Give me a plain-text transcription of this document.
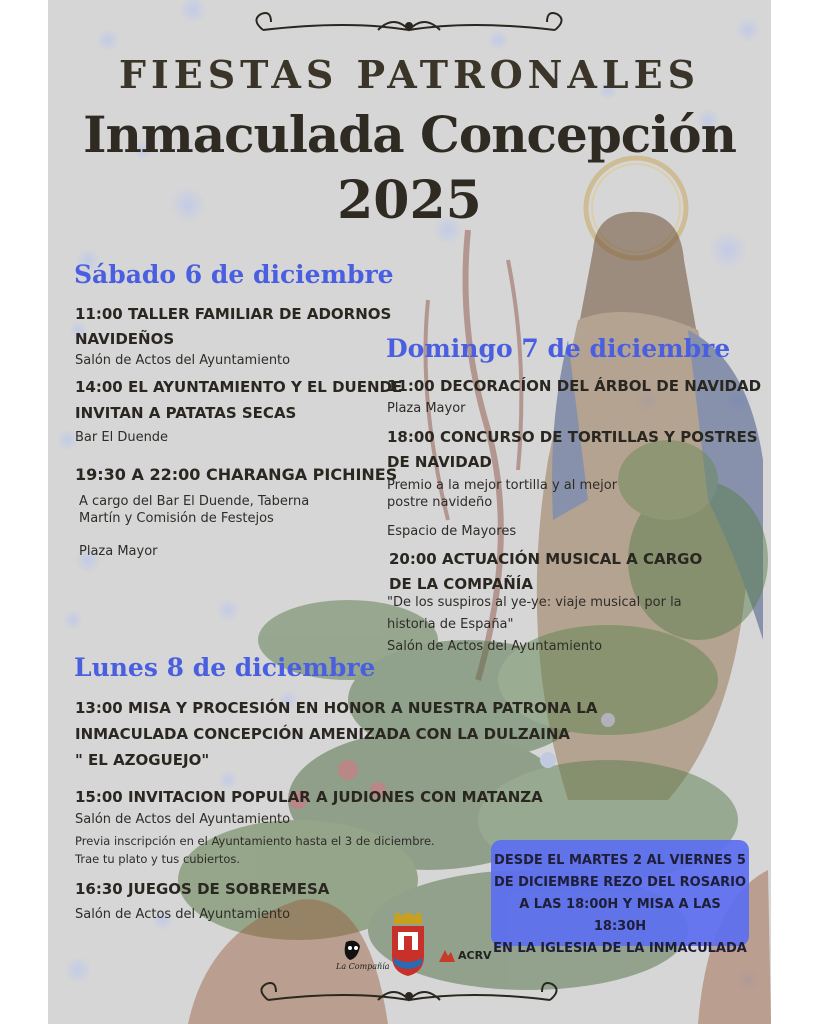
FIESTAS PATRONALES
Inmaculada Concepción
2025
Sábado 6 de diciembre
11:00 TALLER FAMILIAR DE ADORNOS
NAVIDEÑOS
Salón de Actos del Ayuntamiento
14:00 EL AYUNTAMIENTO Y EL DUENDE
INVITAN A PATATAS SECAS
Bar El Duende
19:30 A 22:00 CHARANGA PICHINES
A cargo del Bar El Duende, Taberna
Martín y Comisión de Festejos
Plaza Mayor
Domingo 7 de diciembre
11:00 DECORACÍON DEL ÁRBOL DE NAVIDAD
Plaza Mayor
18:00 CONCURSO DE TORTILLAS Y POSTRES
DE NAVIDAD
Premio a la mejor tortilla y al mejor
postre navideño
Espacio de Mayores
20:00 ACTUACIÓN MUSICAL A CARGO
DE LA COMPAÑÍA
"De los suspiros al ye-ye: viaje musical por la
historia de España"
Salón de Actos del Ayuntamiento
Lunes 8 de diciembre
13:00 MISA Y PROCESIÓN EN HONOR A NUESTRA PATRONA LA
INMACULADA CONCEPCIÓN AMENIZADA CON LA DULZAINA
" EL AZOGUEJO"
15:00 INVITACION POPULAR A JUDIONES CON MATANZA
Salón de Actos del Ayuntamiento
Previa inscripción en el Ayuntamiento hasta el 3 de diciembre.
Trae tu plato y tus cubiertos.
16:30 JUEGOS DE SOBREMESA
Salón de Actos del Ayuntamiento
DESDE EL MARTES 2 AL VIERNES 5
DE DICIEMBRE REZO DEL ROSARIO
A LAS 18:00H Y MISA A LAS 18:30H
EN LA IGLESIA DE LA INMACULADA
La Compañía
ACRV
